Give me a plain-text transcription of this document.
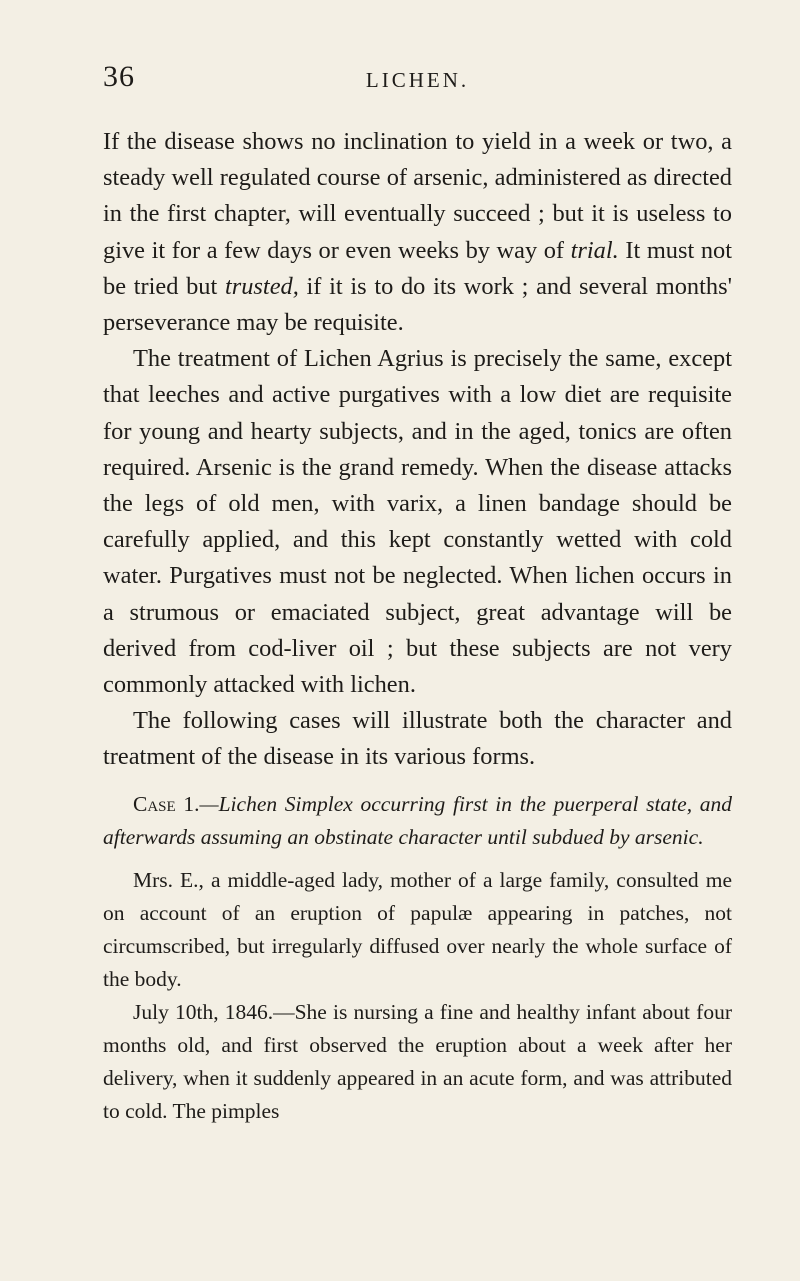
36	LICHEN.

If the disease shows no inclination to yield in a week or two, a steady well regulated course of arsenic, administered as directed in the first chapter, will eventually succeed ; but it is useless to give it for a few days or even weeks by way of trial. It must not be tried but trusted, if it is to do its work ; and several months' perseverance may be requisite.

The treatment of Lichen Agrius is precisely the same, except that leeches and active purgatives with a low diet are requisite for young and hearty subjects, and in the aged, tonics are often required. Arsenic is the grand remedy. When the disease attacks the legs of old men, with varix, a linen bandage should be carefully applied, and this kept constantly wetted with cold water. Purgatives must not be neglected. When lichen occurs in a strumous or emaciated subject, great advantage will be derived from cod-liver oil ; but these subjects are not very commonly attacked with lichen.

The following cases will illustrate both the character and treatment of the disease in its various forms.

Case 1.—Lichen Simplex occurring first in the puerperal state, and afterwards assuming an obstinate character until subdued by arsenic.

Mrs. E., a middle-aged lady, mother of a large family, consulted me on account of an eruption of papulæ appearing in patches, not circumscribed, but irregularly diffused over nearly the whole surface of the body.

July 10th, 1846.—She is nursing a fine and healthy infant about four months old, and first observed the eruption about a week after her delivery, when it suddenly appeared in an acute form, and was attributed to cold. The pimples
